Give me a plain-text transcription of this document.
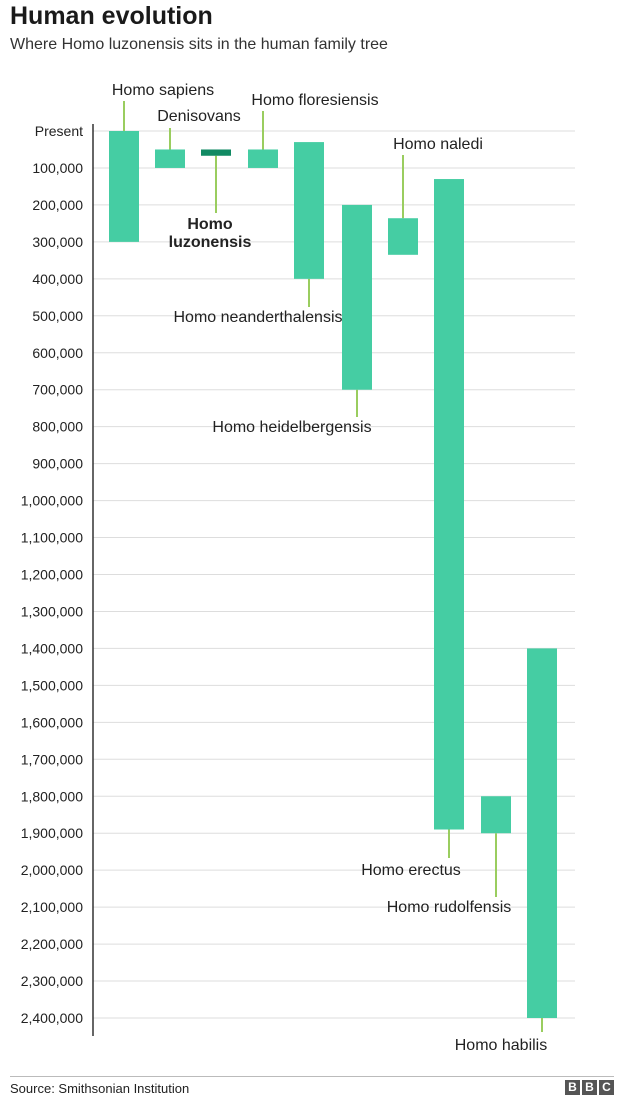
Human evolution

Where Homo luzonensis sits in the human family tree

Present
100,000
200,000
300,000
400,000
500,000
600,000
700,000
800,000
900,000
1,000,000
1,100,000
1,200,000
1,300,000
1,400,000
1,500,000
1,600,000
1,700,000
1,800,000
1,900,000
2,000,000
2,100,000
2,200,000
2,300,000
2,400,000
Homo sapiens
Denisovans
Homo
luzonensis
Homo floresiensis
Homo neanderthalensis
Homo heidelbergensis
Homo naledi
Homo erectus
Homo rudolfensis
Homo habilis
Source: Smithsonian Institution	B B C
